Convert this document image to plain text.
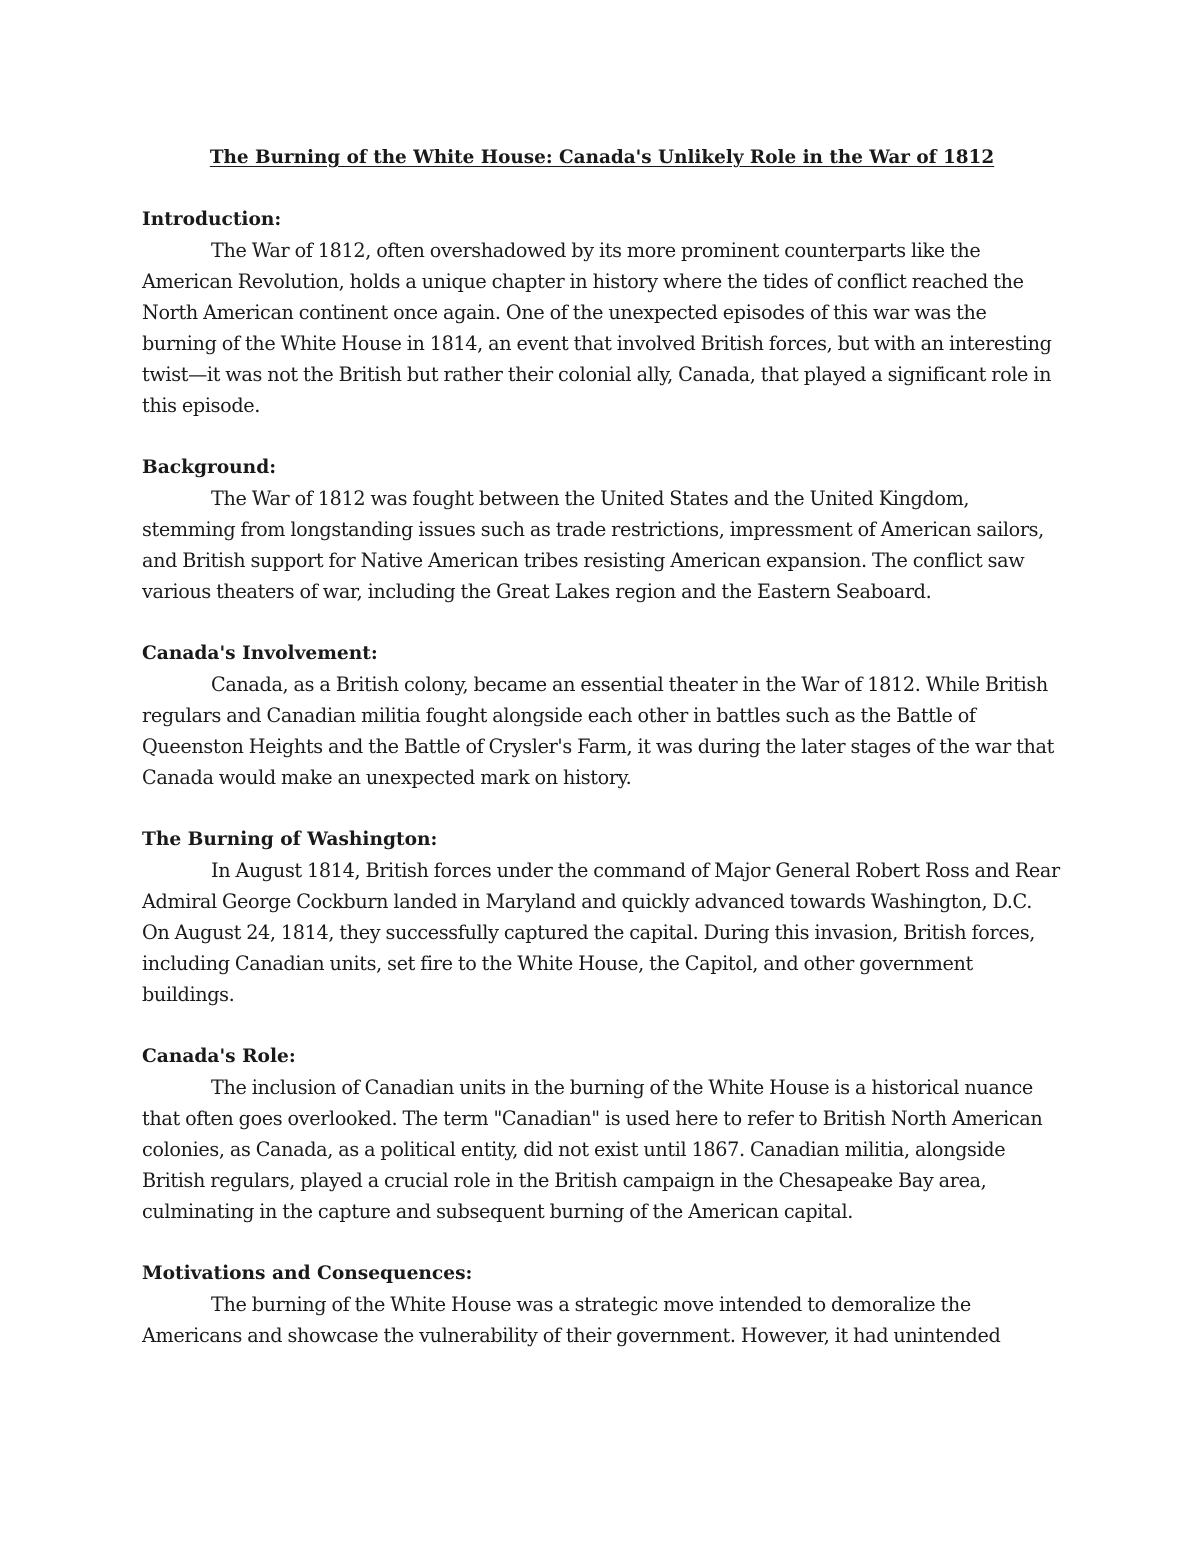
The Burning of the White House: Canada's Unlikely Role in the War of 1812

Introduction:

The War of 1812, often overshadowed by its more prominent counterparts like the American Revolution, holds a unique chapter in history where the tides of conflict reached the North American continent once again. One of the unexpected episodes of this war was the burning of the White House in 1814, an event that involved British forces, but with an interesting twist—it was not the British but rather their colonial ally, Canada, that played a significant role in this episode.

Background:

The War of 1812 was fought between the United States and the United Kingdom, stemming from longstanding issues such as trade restrictions, impressment of American sailors, and British support for Native American tribes resisting American expansion. The conflict saw various theaters of war, including the Great Lakes region and the Eastern Seaboard.

Canada's Involvement:

Canada, as a British colony, became an essential theater in the War of 1812. While British regulars and Canadian militia fought alongside each other in battles such as the Battle of Queenston Heights and the Battle of Crysler's Farm, it was during the later stages of the war that Canada would make an unexpected mark on history.

The Burning of Washington:

In August 1814, British forces under the command of Major General Robert Ross and Rear Admiral George Cockburn landed in Maryland and quickly advanced towards Washington, D.C. On August 24, 1814, they successfully captured the capital. During this invasion, British forces, including Canadian units, set fire to the White House, the Capitol, and other government buildings.

Canada's Role:

The inclusion of Canadian units in the burning of the White House is a historical nuance that often goes overlooked. The term "Canadian" is used here to refer to British North American colonies, as Canada, as a political entity, did not exist until 1867. Canadian militia, alongside British regulars, played a crucial role in the British campaign in the Chesapeake Bay area, culminating in the capture and subsequent burning of the American capital.

Motivations and Consequences:

The burning of the White House was a strategic move intended to demoralize the Americans and showcase the vulnerability of their government. However, it had unintended
